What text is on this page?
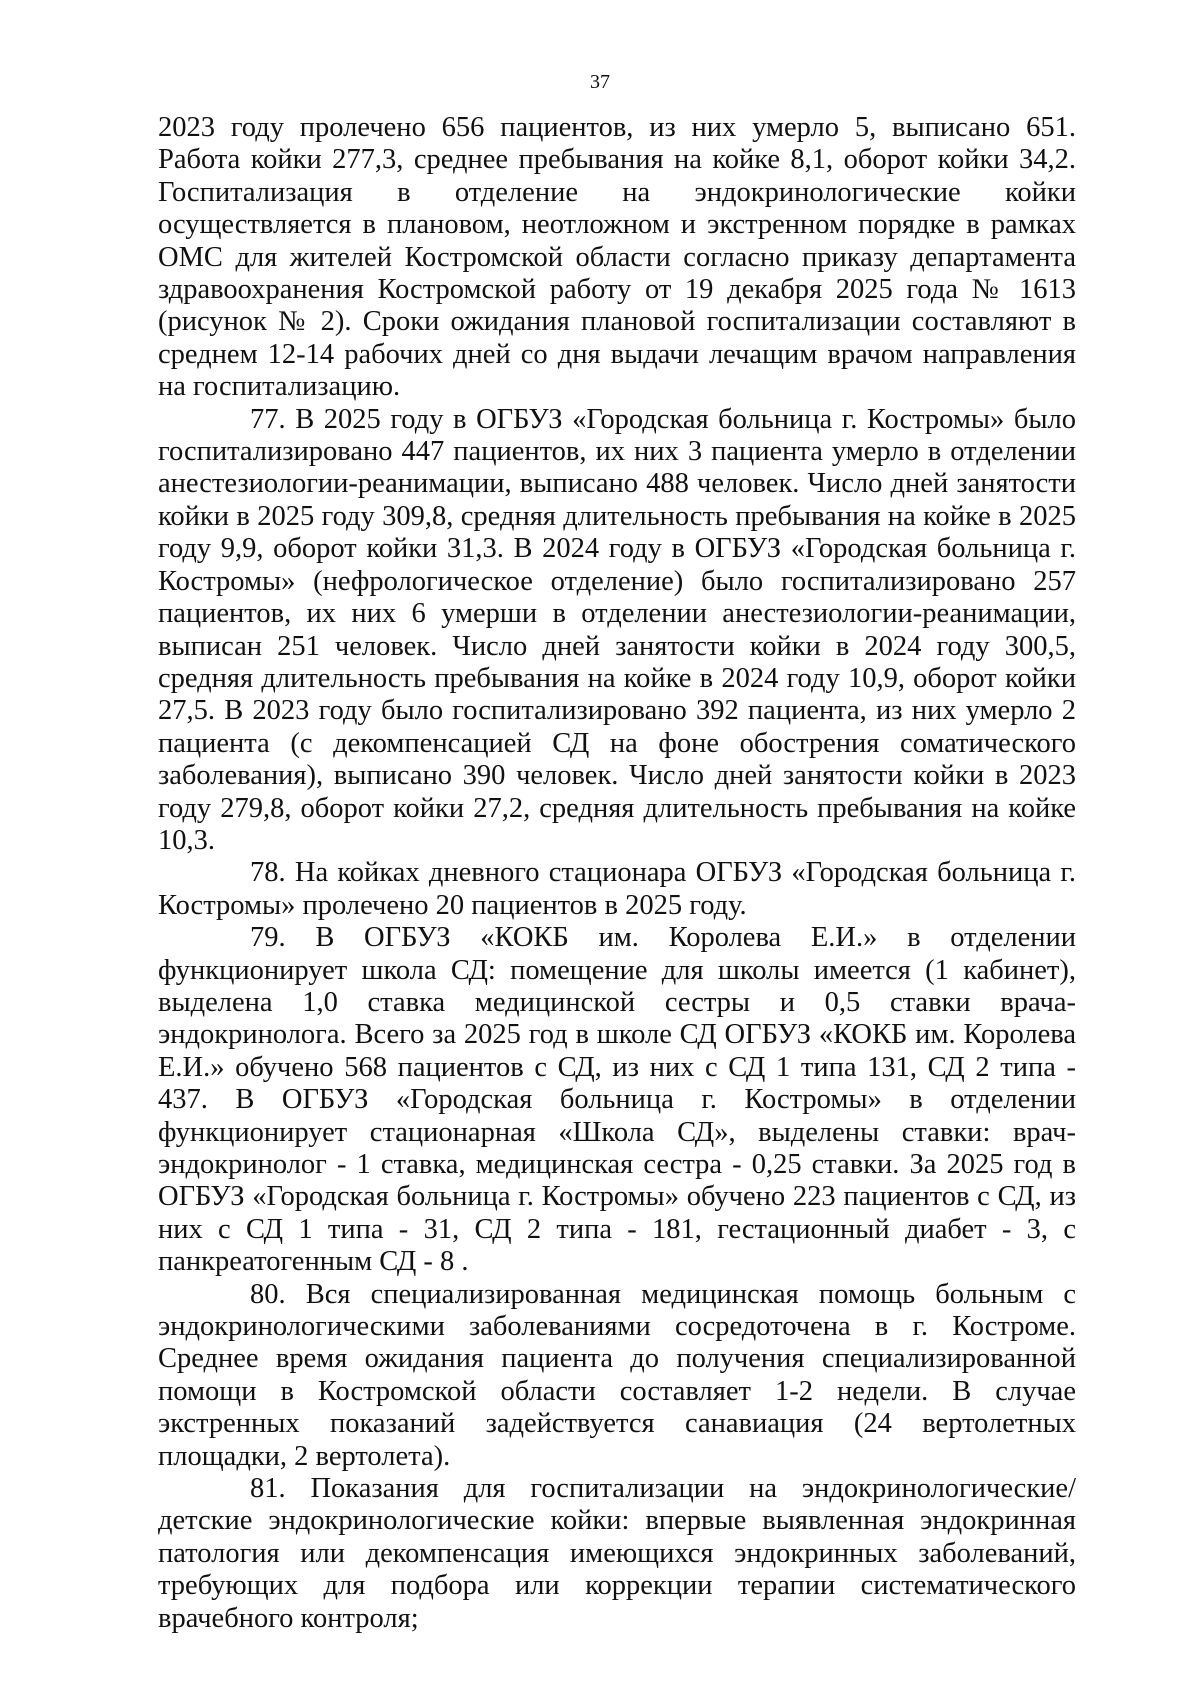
37

2023 году пролечено 656 пациентов, из них умерло 5, выписано 651. Работа койки 277,3, среднее пребывания на койке 8,1, оборот койки 34,2. Госпитализация в отделение на эндокринологические койки осуществляется в плановом, неотложном и экстренном порядке в рамках ОМС для жителей Костромской области согласно приказу департамента здравоохранения Костромской работу от 19 декабря 2025 года № 1613 (рисунок № 2). Сроки ожидания плановой госпитализации составляют в среднем 12-14 рабочих дней со дня выдачи лечащим врачом направления на госпитализацию.

77. В 2025 году в ОГБУЗ «Городская больница г. Костромы» было госпитализировано 447 пациентов, их них 3 пациента умерло в отделении анестезиологии-реанимации, выписано 488 человек. Число дней занятости койки в 2025 году 309,8, средняя длительность пребывания на койке в 2025 году 9,9, оборот койки 31,3. В 2024 году в ОГБУЗ «Городская больница г. Костромы» (нефрологическое отделение) было госпитализировано 257 пациентов, их них 6 умерши в отделении анестезиологии-реанимации, выписан 251 человек. Число дней занятости койки в 2024 году 300,5, средняя длительность пребывания на койке в 2024 году 10,9, оборот койки 27,5. В 2023 году было госпитализировано 392 пациента, из них умерло 2 пациента (с декомпенсацией СД на фоне обострения соматического заболевания), выписано 390 человек. Число дней занятости койки в 2023 году 279,8, оборот койки 27,2, средняя длительность пребывания на койке 10,3.

78. На койках дневного стационара ОГБУЗ «Городская больница г. Костромы» пролечено 20 пациентов в 2025 году.

79. В ОГБУЗ «КОКБ им. Королева Е.И.» в отделении функционирует школа СД: помещение для школы имеется (1 кабинет), выделена 1,0 ставка медицинской сестры и 0,5 ставки врача-эндокринолога. Всего за 2025 год в школе СД ОГБУЗ «КОКБ им. Королева Е.И.» обучено 568 пациентов с СД, из них с СД 1 типа 131, СД 2 типа - 437. В ОГБУЗ «Городская больница г. Костромы» в отделении функционирует стационарная «Школа СД», выделены ставки: врач-эндокринолог - 1 ставка, медицинская сестра - 0,25 ставки. За 2025 год в ОГБУЗ «Городская больница г. Костромы» обучено 223 пациентов с СД, из них с СД 1 типа - 31, СД 2 типа - 181, гестационный диабет - 3, с панкреатогенным СД - 8 .

80. Вся специализированная медицинская помощь больным с эндокринологическими заболеваниями сосредоточена в г. Костроме. Среднее время ожидания пациента до получения специализированной помощи в Костромской области составляет 1-2 недели. В случае экстренных показаний задействуется санавиация (24 вертолетных площадки, 2 вертолета).

81. Показания для госпитализации на эндокринологические/детские эндокринологические койки: впервые выявленная эндокринная патология или декомпенсация имеющихся эндокринных заболеваний, требующих для подбора или коррекции терапии систематического врачебного контроля;
